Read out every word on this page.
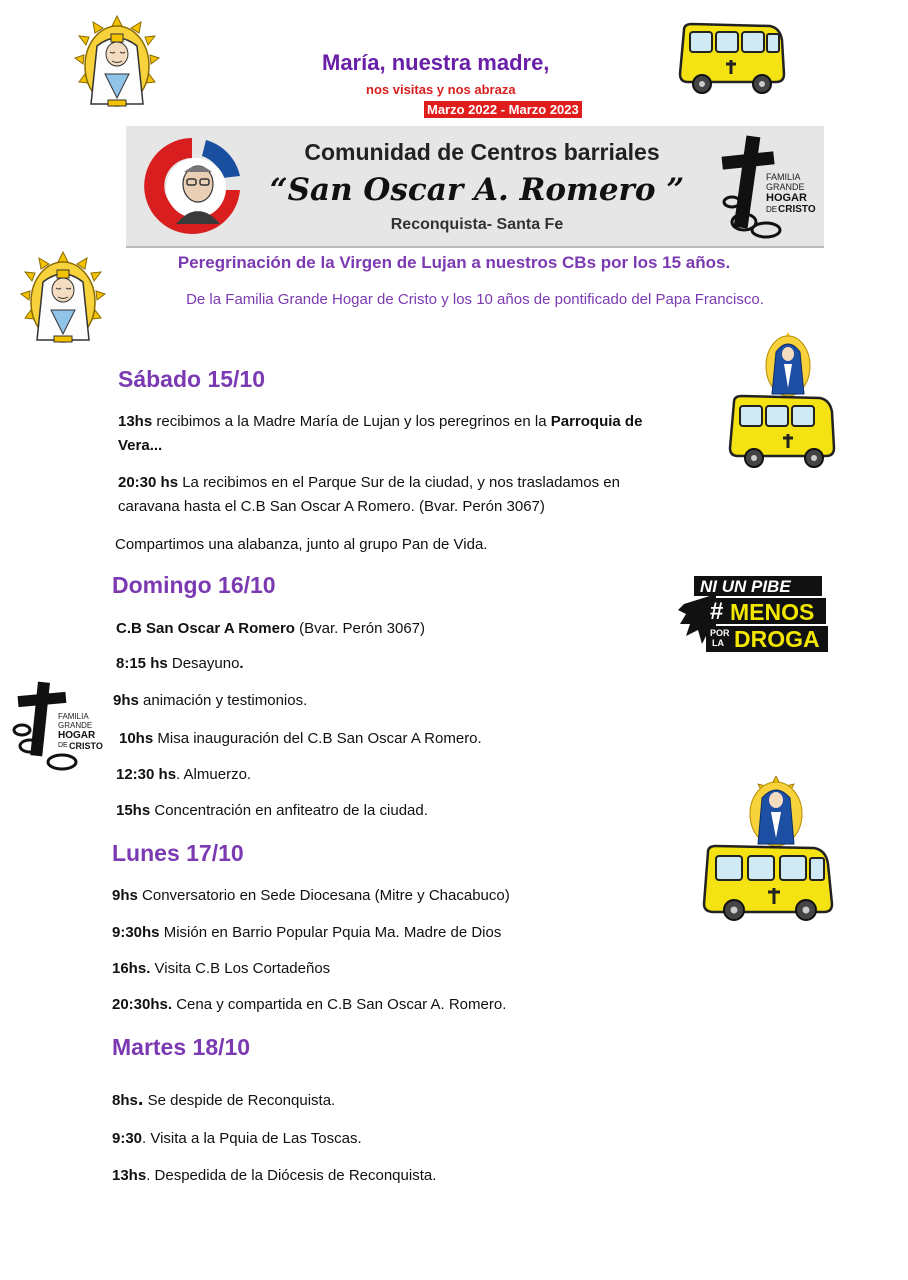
María, nuestra madre,
nos visitas y nos abraza
Marzo 2022 - Marzo 2023
Comunidad de Centros barriales
“San Oscar A. Romero ”
Reconquista- Santa Fe
FAMILIA
GRANDE
HOGAR
DE CRISTO
Peregrinación de la Virgen de Lujan a nuestros CBs por los 15 años.
De la Familia Grande Hogar de Cristo y los 10 años de pontificado del Papa Francisco.
Sábado 15/10
13hs recibimos a la Madre María de Lujan y los peregrinos en la Parroquia de
Vera...
20:30 hs La recibimos en el Parque Sur de la ciudad, y nos trasladamos en
caravana hasta el C.B San Oscar A Romero. (Bvar. Perón 3067)
Compartimos una alabanza, junto al grupo Pan de Vida.
Domingo 16/10
C.B San Oscar A Romero (Bvar. Perón 3067)
8:15 hs Desayuno.
9hs animación y testimonios.
10hs Misa inauguración del C.B San Oscar A Romero.
12:30 hs. Almuerzo.
15hs Concentración en anfiteatro de la ciudad.
NI UN PIBE
# MENOS
POR
LA DROGA
FAMILIA
GRANDE
HOGAR
DE CRISTO
Lunes 17/10
9hs Conversatorio en Sede Diocesana (Mitre y Chacabuco)
9:30hs Misión en Barrio Popular Pquia Ma. Madre de Dios
16hs. Visita C.B Los Cortadeños
20:30hs. Cena y compartida en C.B San Oscar A. Romero.
Martes 18/10
8hs. Se despide de Reconquista.
9:30. Visita a la Pquia de Las Toscas.
13hs. Despedida de la Diócesis de Reconquista.
